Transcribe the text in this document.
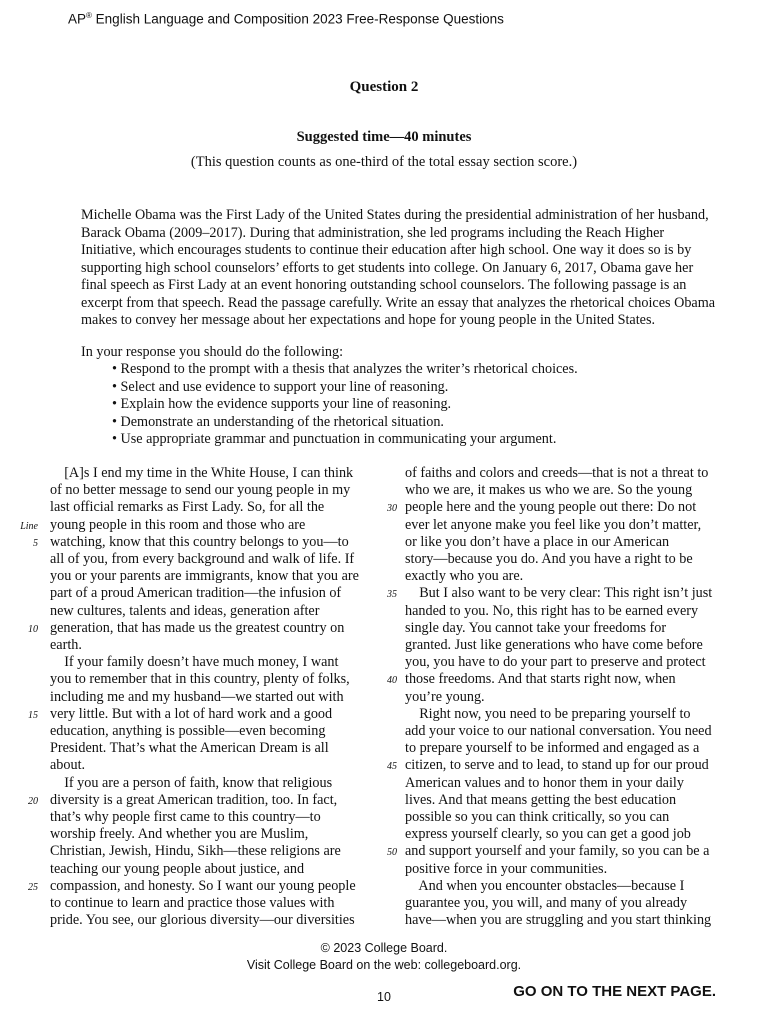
AP® English Language and Composition 2023 Free-Response Questions
Question 2
Suggested time—40 minutes
(This question counts as one-third of the total essay section score.)
Michelle Obama was the First Lady of the United States during the presidential administration of her husband, Barack Obama (2009–2017). During that administration, she led programs including the Reach Higher Initiative, which encourages students to continue their education after high school. One way it does so is by supporting high school counselors’ efforts to get students into college. On January 6, 2017, Obama gave her final speech as First Lady at an event honoring outstanding school counselors. The following passage is an excerpt from that speech. Read the passage carefully. Write an essay that analyzes the rhetorical choices Obama makes to convey her message about her expectations and hope for young people in the United States.
In your response you should do the following:
• Respond to the prompt with a thesis that analyzes the writer’s rhetorical choices.
• Select and use evidence to support your line of reasoning.
• Explain how the evidence supports your line of reasoning.
• Demonstrate an understanding of the rhetorical situation.
• Use appropriate grammar and punctuation in communicating your argument.
[A]s I end my time in the White House, I can think
of no better message to send our young people in my
last official remarks as First Lady. So, for all the
Line young people in this room and those who are
5 watching, know that this country belongs to you—to
all of you, from every background and walk of life. If
you or your parents are immigrants, know that you are
part of a proud American tradition—the infusion of
new cultures, talents and ideas, generation after
10 generation, that has made us the greatest country on
earth.
If your family doesn’t have much money, I want
you to remember that in this country, plenty of folks,
including me and my husband—we started out with
15 very little. But with a lot of hard work and a good
education, anything is possible—even becoming
President. That’s what the American Dream is all
about.
If you are a person of faith, know that religious
20 diversity is a great American tradition, too. In fact,
that’s why people first came to this country—to
worship freely. And whether you are Muslim,
Christian, Jewish, Hindu, Sikh—these religions are
teaching our young people about justice, and
25 compassion, and honesty. So I want our young people
to continue to learn and practice those values with
pride. You see, our glorious diversity—our diversities
of faiths and colors and creeds—that is not a threat to
who we are, it makes us who we are. So the young
30 people here and the young people out there: Do not
ever let anyone make you feel like you don’t matter,
or like you don’t have a place in our American
story—because you do. And you have a right to be
exactly who you are.
35 But I also want to be very clear: This right isn’t just
handed to you. No, this right has to be earned every
single day. You cannot take your freedoms for
granted. Just like generations who have come before
you, you have to do your part to preserve and protect
40 those freedoms. And that starts right now, when
you’re young.
Right now, you need to be preparing yourself to
add your voice to our national conversation. You need
to prepare yourself to be informed and engaged as a
45 citizen, to serve and to lead, to stand up for our proud
American values and to honor them in your daily
lives. And that means getting the best education
possible so you can think critically, so you can
express yourself clearly, so you can get a good job
50 and support yourself and your family, so you can be a
positive force in your communities.
And when you encounter obstacles—because I
guarantee you, you will, and many of you already
have—when you are struggling and you start thinking
© 2023 College Board.
Visit College Board on the web: collegeboard.org.
10	GO ON TO THE NEXT PAGE.
